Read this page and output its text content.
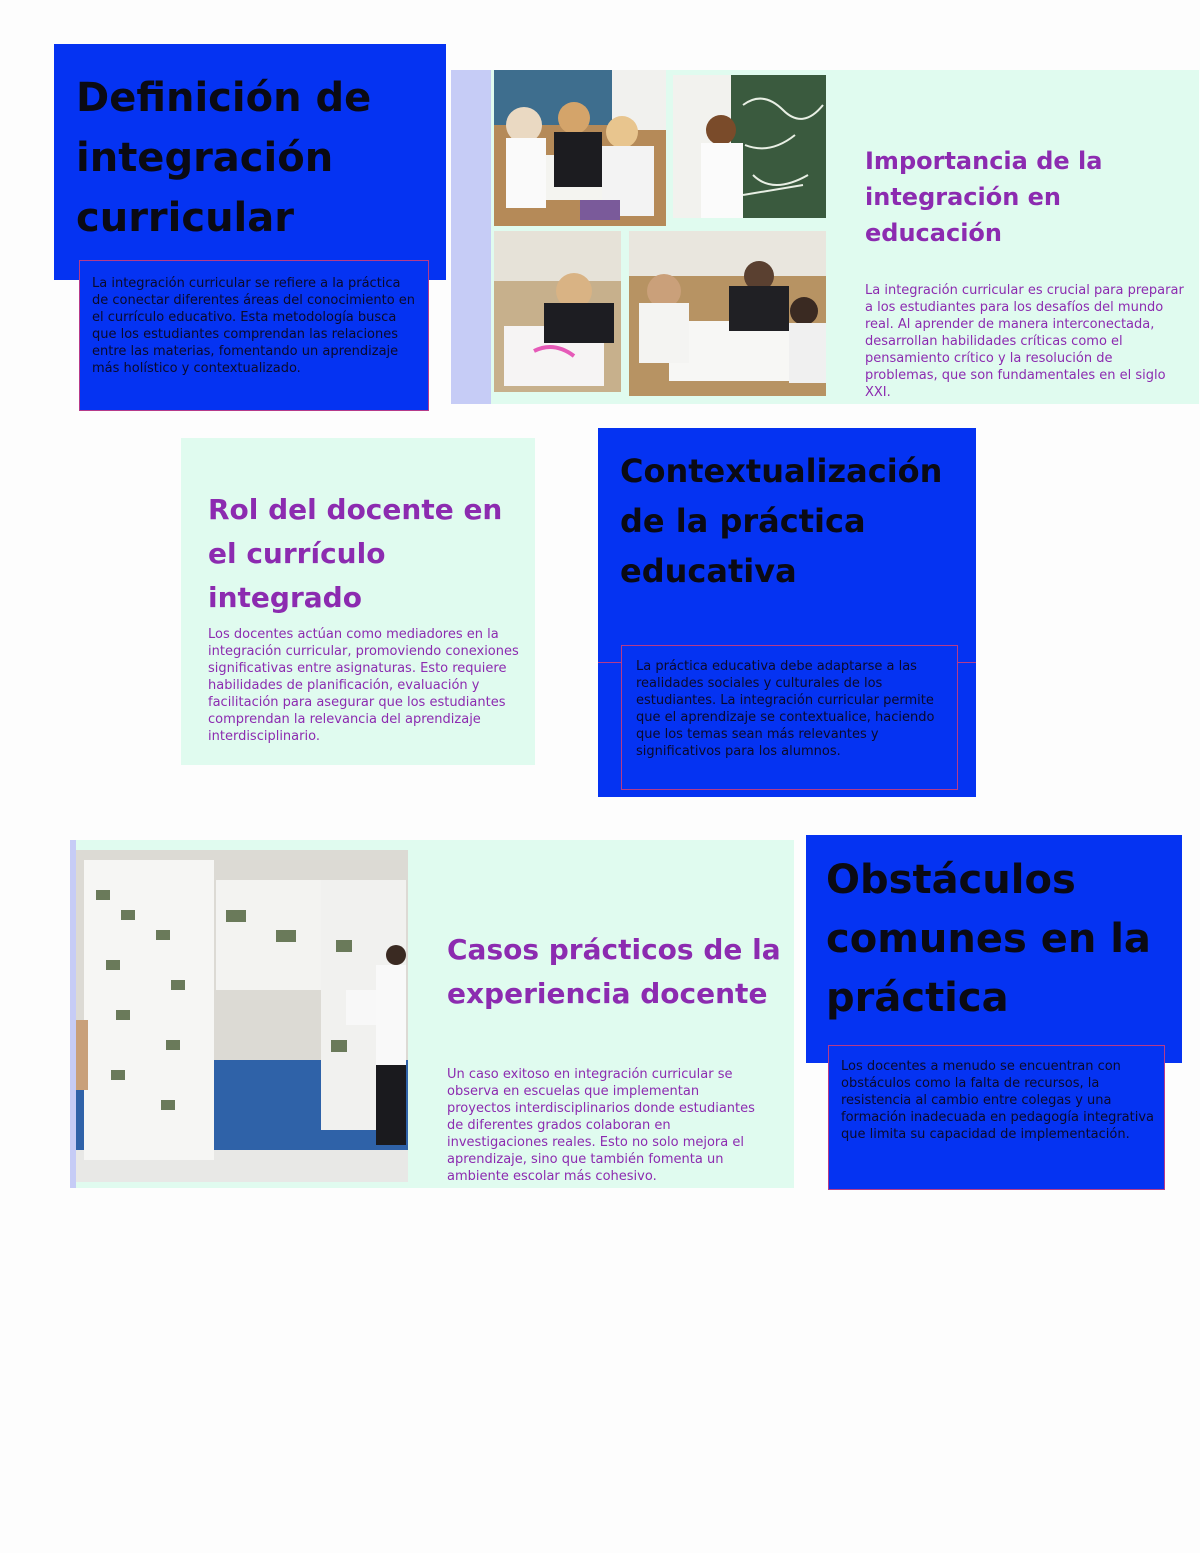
Definición de integración curricular

La integración curricular se refiere a la práctica de conectar diferentes áreas del conocimiento en el currículo educativo. Esta metodología busca que los estudiantes comprendan las relaciones entre las materias, fomentando un aprendizaje más holístico y contextualizado.

Importancia de la integración en educación

La integración curricular es crucial para preparar a los estudiantes para los desafíos del mundo real. Al aprender de manera interconectada, desarrollan habilidades críticas como el pensamiento crítico y la resolución de problemas, que son fundamentales en el siglo XXI.

Rol del docente en el currículo integrado

Los docentes actúan como mediadores en la integración curricular, promoviendo conexiones significativas entre asignaturas. Esto requiere habilidades de planificación, evaluación y facilitación para asegurar que los estudiantes comprendan la relevancia del aprendizaje interdisciplinario.

Contextualización de la práctica educativa

La práctica educativa debe adaptarse a las realidades sociales y culturales de los estudiantes. La integración curricular permite que el aprendizaje se contextualice, haciendo que los temas sean más relevantes y significativos para los alumnos.

Casos prácticos de la experiencia docente

Un caso exitoso en integración curricular se observa en escuelas que implementan proyectos interdisciplinarios donde estudiantes de diferentes grados colaboran en investigaciones reales. Esto no solo mejora el aprendizaje, sino que también fomenta un ambiente escolar más cohesivo.

Obstáculos comunes en la práctica

Los docentes a menudo se encuentran con obstáculos como la falta de recursos, la resistencia al cambio entre colegas y una formación inadecuada en pedagogía integrativa que limita su capacidad de implementación.
